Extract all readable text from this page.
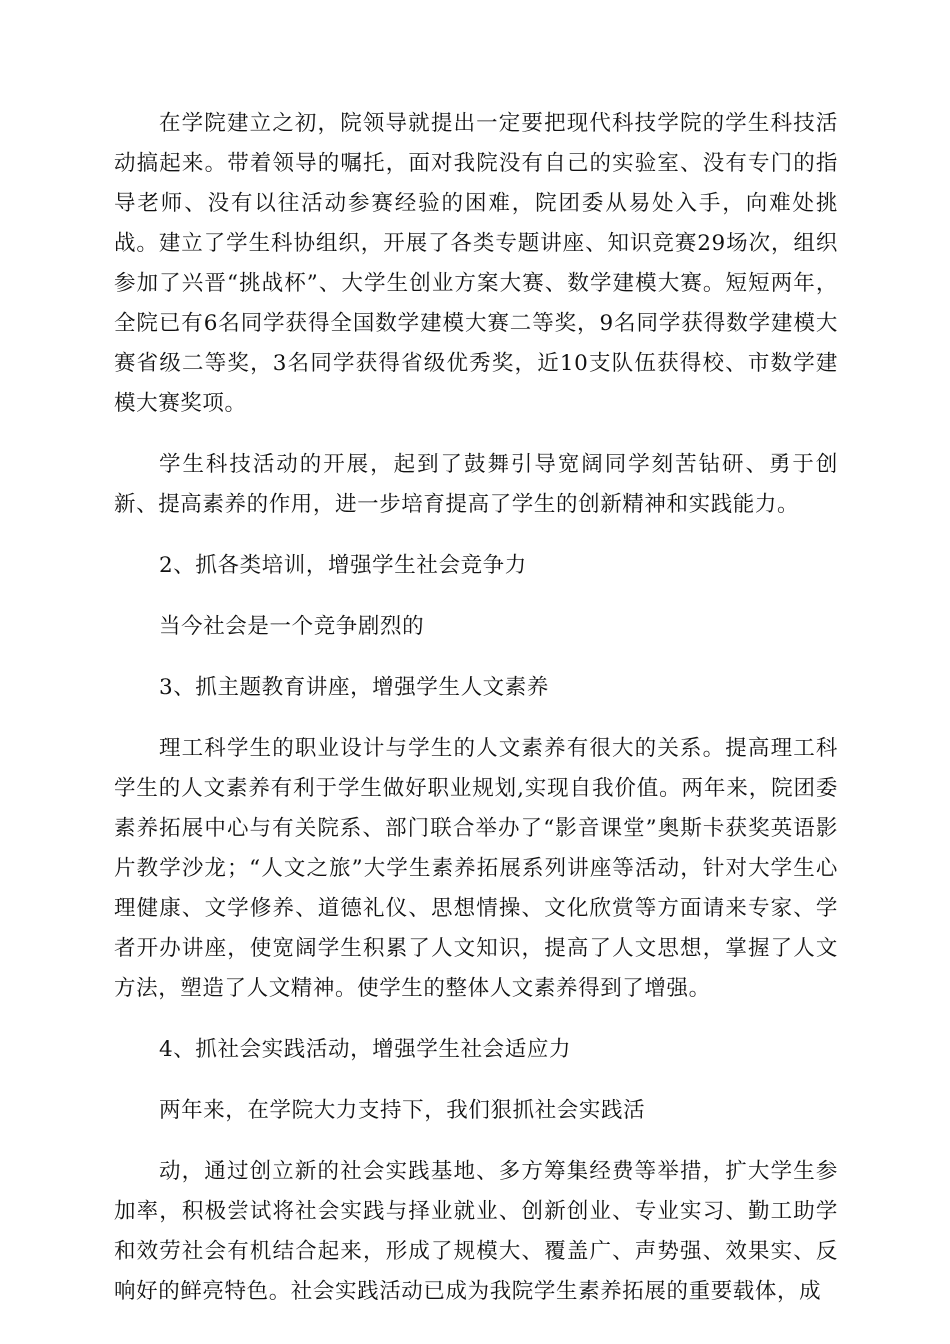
在学院建立之初，院领导就提出一定要把现代科技学院的学生科技活动搞起来。带着领导的嘱托，面对我院没有自己的实验室、没有专门的指导老师、没有以往活动参赛经验的困难，院团委从易处入手，向难处挑战。建立了学生科协组织，开展了各类专题讲座、知识竞赛29场次，组织参加了兴晋“挑战杯”、大学生创业方案大赛、数学建模大赛。短短两年，全院已有6名同学获得全国数学建模大赛二等奖，9名同学获得数学建模大赛省级二等奖，3名同学获得省级优秀奖，近10支队伍获得校、市数学建模大赛奖项。

学生科技活动的开展，起到了鼓舞引导宽阔同学刻苦钻研、勇于创新、提高素养的作用，进一步培育提高了学生的创新精神和实践能力。

2、抓各类培训，增强学生社会竞争力

当今社会是一个竞争剧烈的

3、抓主题教育讲座，增强学生人文素养

理工科学生的职业设计与学生的人文素养有很大的关系。提高理工科学生的人文素养有利于学生做好职业规划,实现自我价值。两年来，院团委素养拓展中心与有关院系、部门联合举办了“影音课堂”奥斯卡获奖英语影片教学沙龙；“人文之旅”大学生素养拓展系列讲座等活动，针对大学生心理健康、文学修养、道德礼仪、思想情操、文化欣赏等方面请来专家、学者开办讲座，使宽阔学生积累了人文知识，提高了人文思想，掌握了人文方法，塑造了人文精神。使学生的整体人文素养得到了增强。

4、抓社会实践活动，增强学生社会适应力

两年来，在学院大力支持下，我们狠抓社会实践活

动，通过创立新的社会实践基地、多方筹集经费等举措，扩大学生参加率，积极尝试将社会实践与择业就业、创新创业、专业实习、勤工助学和效劳社会有机结合起来，形成了规模大、覆盖广、声势强、效果实、反响好的鲜亮特色。社会实践活动已成为我院学生素养拓展的重要载体，成
